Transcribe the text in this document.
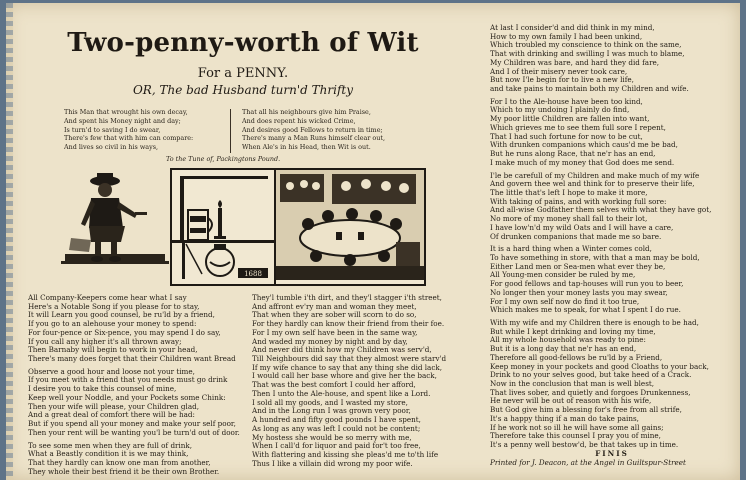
Two-penny-worth of Wit
For a PENNY.
OR, The bad Husband turn'd Thrifty
This Man that wrought his own decay,
And spent his Money night and day;
Is turn'd to saving I do swear,
There's few that with him can compare:
And lives so civil in his ways,
That all his neighbours give him Praise,
And does repent his wicked Crime,
And desires good Fellows to return in time;
There's many a Man Runs himself clear out,
When Ale's in his Head, then Wit is out.
To the Tune of, Packingtons Pound.
1688
All Company-Keepers come hear what I say
Here's a Notable Song if you please for to stay,
It will Learn you good counsel, be ru'ld by a friend,
If you go to an alehouse your money to spend:
For four-pence or Six-pence, you may spend I do say,
If you call any higher it's all thrown away;
Then Barnaby will begin to work in your head,
There's many does forget that their Children want Bread
Observe a good hour and loose not your time,
If you meet with a friend that you needs must go drink
I desire you to take this counsel of mine,
Keep well your Noddle, and your Pockets some Chink:
Then your wife will please, your Children glad,
And a great deal of comfort there will be had:
But if you spend all your money and make your self poor,
Then your rent will be wanting you'l be turn'd out of door.
To see some men when they are full of drink,
What a Beastly condition it is we may think,
That they hardly can know one man from another,
They whole their best friend it be their own Brother.
They'l tumble i'th dirt, and they'l stagger i'th street,
And affront ev'ry man and woman they meet,
That when they are sober will scorn to do so,
For they hardly can know their friend from their foe.
For I my own self have been in the same way,
And waded my money by night and by day,
And never did think how my Children was serv'd,
Till Neighbours did say that they almost were starv'd
If my wife chance to say that any thing she did lack,
I would call her base whore and give her the back,
That was the best comfort I could her afford,
Then I unto the Ale-house, and spent like a Lord.
I sold all my goods, and I wasted my store,
And in the Long run I was grown very poor,
A hundred and fifty good pounds I have spent,
As long as any was left I could not be content;
My hostess she would be so merry with me,
When I call'd for liquor and paid for't too free,
With flattering and kissing she pleas'd me to'th life
Thus I like a villain did wrong my poor wife.
At last I consider'd and did think in my mind,
How to my own family I had been unkind,
Which troubled my conscience to think on the same,
That with drinking and swilling I was much to blame,
My Children was bare, and hard they did fare,
And I of their misery never took care,
But now I'le begin for to live a new life,
and take pains to maintain both my Children and wife.
For I to the Ale-house have been too kind,
Which to my undoing I plainly do find,
My poor little Children are fallen into want,
Which grieves me to see them full sore I repent,
That I had such fortune for now to be cut,
With drunken companions which caus'd me be bad,
But he runs along Race, that ne'r has an end,
I make much of my money that God does me send.
I'le be carefull of my Children and make much of my wife
And govern thee wel and think for to preserve their life,
The little that's left I hope to make it more,
With taking of pains, and with working full sore:
And all-wise Godfather them selves with what they have got,
No more of my money shall fall to their lot,
I have low'n'd my wild Oats and I will have a care,
Of drunken companions that made me so bare.
It is a hard thing when a Winter comes cold,
To have something in store, with that a man may be bold,
Either Land men or Sea-men what ever they be,
All Young-men consider be ruled by me,
For good fellows and tap-houses will run you to beer,
No longer then your money lasts you may swear,
For I my own self now do find it too true,
Which makes me to speak, for what I spent I do rue.
With my wife and my Children there is enough to be had,
But while I kept drinking and loving my time,
All my whole household was ready to pine:
But it is a long day that ne'r has an end,
Therefore all good-fellows be ru'ld by a Friend,
Keep money in your pockets and good Cloaths to your back,
Drink to no your selves good, but take heed of a Crack.
Now in the conclusion that man is well blest,
That lives sober, and quietly and forgoes Drunkenness,
He never will be out of reason with his wife,
But God give him a blessing for's free from all strife,
It's a happy thing if a man do take pains,
If he work not so ill he will have some all gains;
Therefore take this counsel I pray you of mine,
It's a penny well bestow'd, be that takes up in time.
FINIS
Printed for J. Deacon, at the Angel in Guiltspur-Street
